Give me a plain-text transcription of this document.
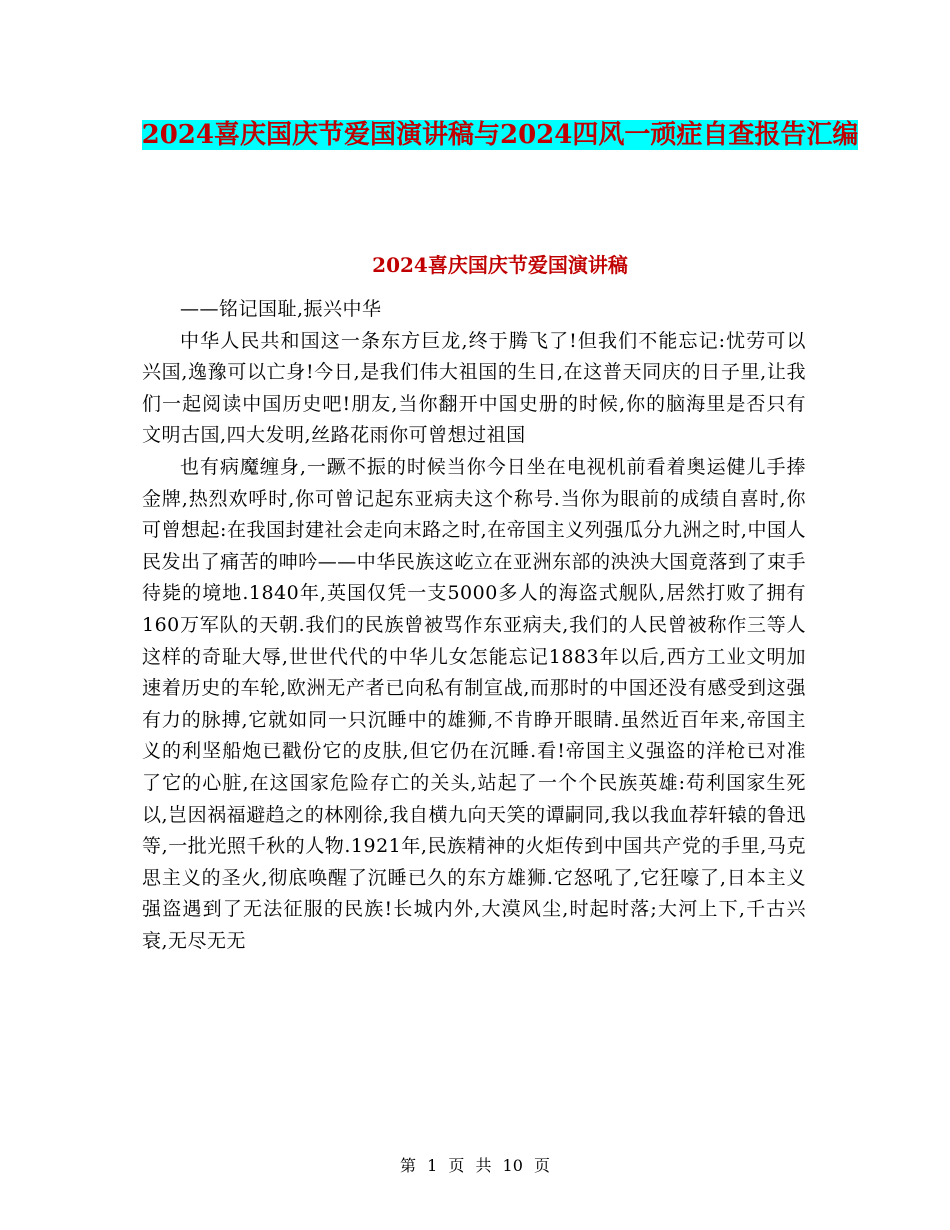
2024喜庆国庆节爱国演讲稿与2024四风一顽症自查报告汇编
2024喜庆国庆节爱国演讲稿

——铭记国耻,振兴中华

中华人民共和国这一条东方巨龙,终于腾飞了!但我们不能忘记:忧劳可以兴国,逸豫可以亡身!今日,是我们伟大祖国的生日,在这普天同庆的日子里,让我们一起阅读中国历史吧!朋友,当你翻开中国史册的时候,你的脑海里是否只有文明古国,四大发明,丝路花雨你可曾想过祖国

也有病魔缠身,一蹶不振的时候当你今日坐在电视机前看着奥运健儿手捧金牌,热烈欢呼时,你可曾记起东亚病夫这个称号.当你为眼前的成绩自喜时,你可曾想起:在我国封建社会走向末路之时,在帝国主义列强瓜分九洲之时,中国人民发出了痛苦的呻吟——中华民族这屹立在亚洲东部的泱泱大国竟落到了束手待毙的境地.1840年,英国仅凭一支5000多人的海盗式舰队,居然打败了拥有160万军队的天朝.我们的民族曾被骂作东亚病夫,我们的人民曾被称作三等人这样的奇耻大辱,世世代代的中华儿女怎能忘记1883年以后,西方工业文明加速着历史的车轮,欧洲无产者已向私有制宣战,而那时的中国还没有感受到这强有力的脉搏,它就如同一只沉睡中的雄狮,不肯睁开眼睛.虽然近百年来,帝国主义的利坚船炮已戳份它的皮肤,但它仍在沉睡.看!帝国主义强盗的洋枪已对准了它的心脏,在这国家危险存亡的关头,站起了一个个民族英雄:苟利国家生死以,岂因祸福避趋之的林刚徐,我自横九向天笑的谭嗣同,我以我血荐轩辕的鲁迅等,一批光照千秋的人物.1921年,民族精神的火炬传到中国共产党的手里,马克思主义的圣火,彻底唤醒了沉睡已久的东方雄狮.它怒吼了,它狂嚎了,日本主义强盗遇到了无法征服的民族!长城内外,大漠风尘,时起时落;大河上下,千古兴衰,无尽无无

第 1 页 共 10 页
